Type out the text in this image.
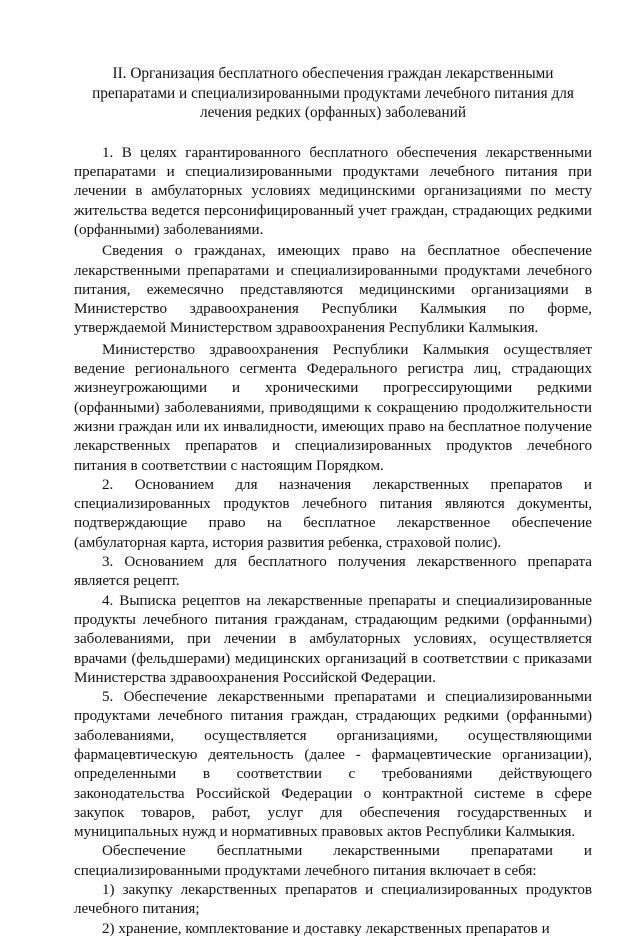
II. Организация бесплатного обеспечения граждан лекарственными
препаратами и специализированными продуктами лечебного питания для
лечения редких (орфанных) заболеваний

1. В целях гарантированного бесплатного обеспечения лекарственными препаратами и специализированными продуктами лечебного питания при лечении в амбулаторных условиях медицинскими организациями по месту жительства ведется персонифицированный учет граждан, страдающих редкими (орфанными) заболеваниями.

Сведения о гражданах, имеющих право на бесплатное обеспечение лекарственными препаратами и специализированными продуктами лечебного питания, ежемесячно представляются медицинскими организациями в Министерство здравоохранения Республики Калмыкия по форме, утверждаемой Министерством здравоохранения Республики Калмыкия.

Министерство здравоохранения Республики Калмыкия осуществляет ведение регионального сегмента Федерального регистра лиц, страдающих жизнеугрожающими и хроническими прогрессирующими редкими (орфанными) заболеваниями, приводящими к сокращению продолжительности жизни граждан или их инвалидности, имеющих право на бесплатное получение лекарственных препаратов и специализированных продуктов лечебного питания в соответствии с настоящим Порядком.

2. Основанием для назначения лекарственных препаратов и специализированных продуктов лечебного питания являются документы, подтверждающие право на бесплатное лекарственное обеспечение (амбулаторная карта, история развития ребенка, страховой полис).

3. Основанием для бесплатного получения лекарственного препарата является рецепт.

4. Выписка рецептов на лекарственные препараты и специализированные продукты лечебного питания гражданам, страдающим редкими (орфанными) заболеваниями, при лечении в амбулаторных условиях, осуществляется врачами (фельдшерами) медицинских организаций в соответствии с приказами Министерства здравоохранения Российской Федерации.

5. Обеспечение лекарственными препаратами и специализированными продуктами лечебного питания граждан, страдающих редкими (орфанными) заболеваниями, осуществляется организациями, осуществляющими фармацевтическую деятельность (далее - фармацевтические организации), определенными в соответствии с требованиями действующего законодательства Российской Федерации о контрактной системе в сфере закупок товаров, работ, услуг для обеспечения государственных и муниципальных нужд и нормативных правовых актов Республики Калмыкия.

Обеспечение бесплатными лекарственными препаратами и специализированными продуктами лечебного питания включает в себя:

1) закупку лекарственных препаратов и специализированных продуктов лечебного питания;

2) хранение, комплектование и доставку лекарственных препаратов и
